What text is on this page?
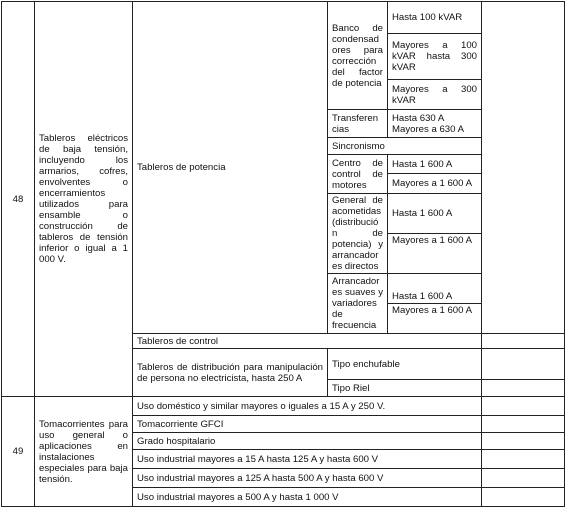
48	Tableros eléctricos de baja tensión, incluyendo los armarios, cofres, envolventes o encerramientos utilizados para ensamble o construcción de tableros de tensión inferior o igual a 1 000 V.	Tableros de potencia	Banco de condensad ores para corrección del factor de potencia	Hasta 100 kVAR	
				Mayores a 100 kVAR hasta 300 kVAR	
				Mayores a 300 kVAR	
			Transferen cias	Hasta 630 A
Mayores a 630 A	

			Sincronismo		
			Centro de control de motores	Hasta 1 600 A	
				Mayores a 1 600 A	
			General de acometidas (distribució n de potencia) y arrancador es directos	Hasta 1 600 A	
				Mayores a 1 600 A	
			Arrancador es suaves y variadores de frecuencia	Hasta 1 600 A	
				Mayores a 1 600 A	

		Tableros de control			
		Tableros de distribución para manipulación de persona no electricista, hasta 250 A	Tipo enchufable		
			Tipo Riel		
49	Tomacorrientes para uso general o aplicaciones en instalaciones especiales para baja tensión.	Uso doméstico y similar mayores o iguales a 15 A y 250 V.			
		Tomacorriente GFCI			
		Grado hospitalario			
		Uso industrial mayores a 15 A hasta 125 A y hasta 600 V			
		Uso industrial mayores a 125 A hasta 500 A y hasta 600 V			
		Uso industrial mayores a 500 A y hasta 1 000 V			
